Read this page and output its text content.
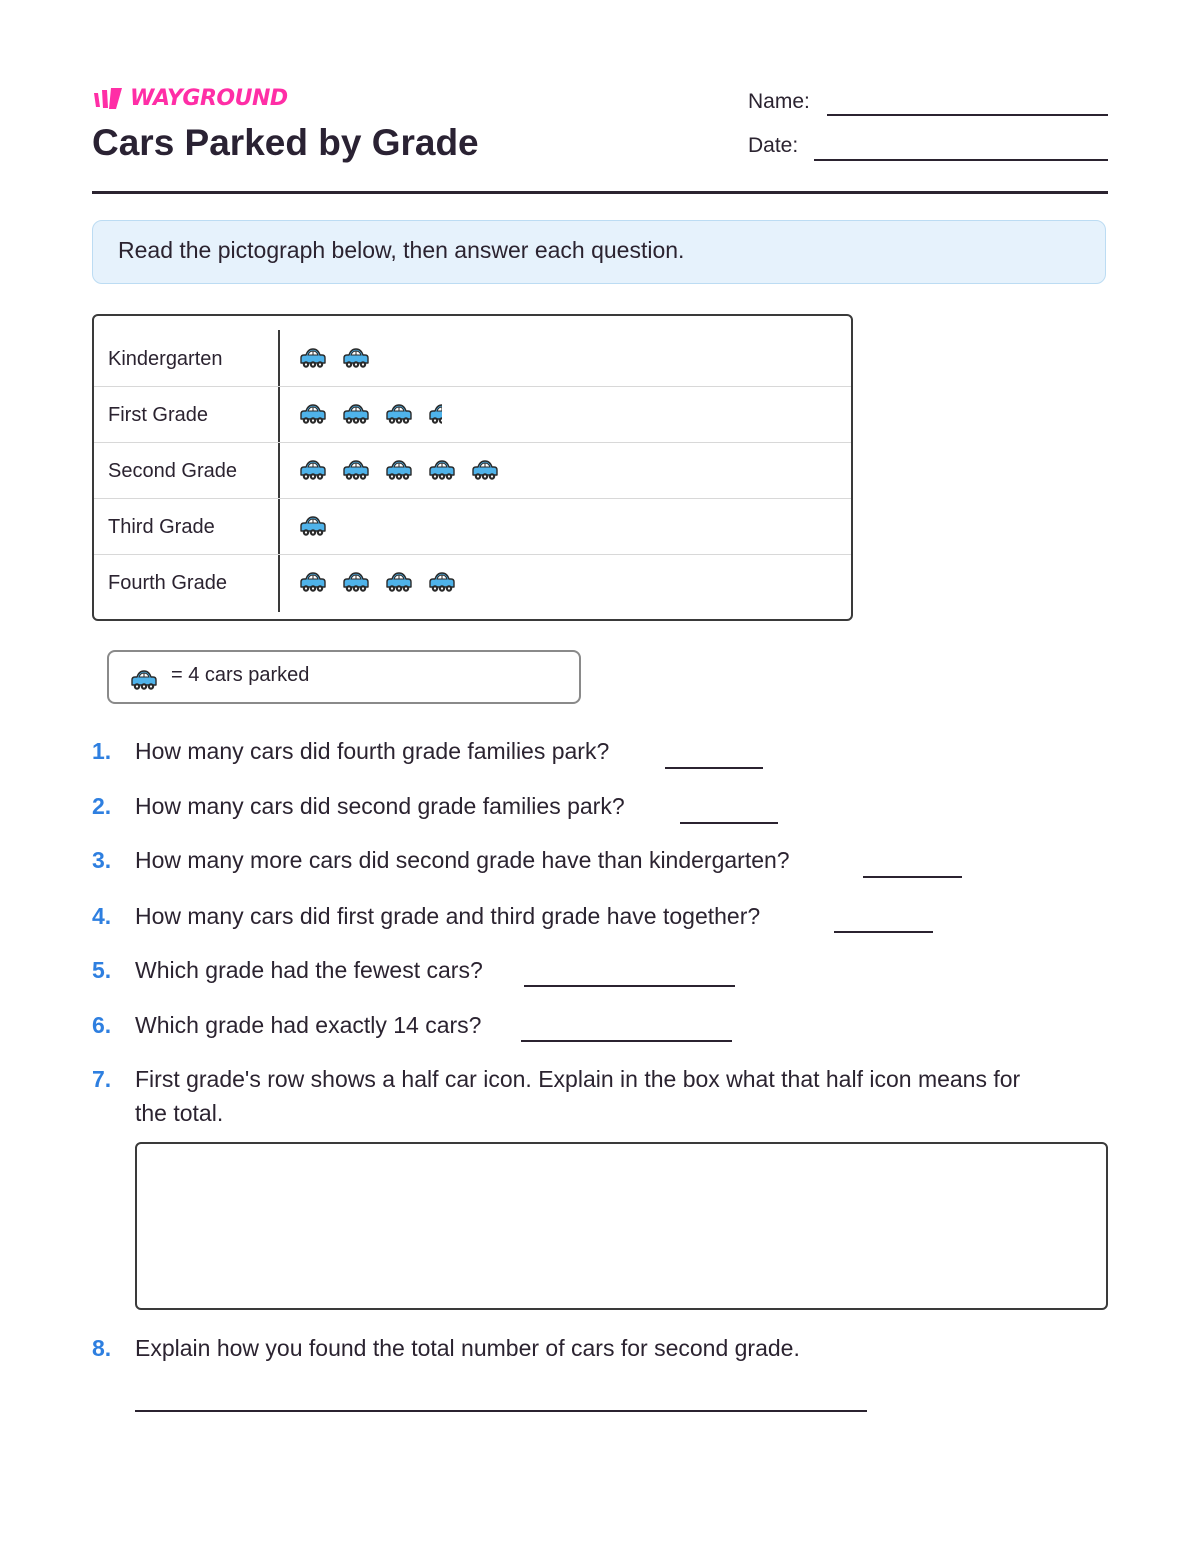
WAYGROUND
Cars Parked by Grade
Name:
Date:
Read the pictograph below, then answer each question.
Kindergarten
First Grade
Second Grade
Third Grade
Fourth Grade
= 4 cars parked
1. How many cars did fourth grade families park?
2. How many cars did second grade families park?
3. How many more cars did second grade have than kindergarten?
4. How many cars did first grade and third grade have together?
5. Which grade had the fewest cars?
6. Which grade had exactly 14 cars?
7. First grade's row shows a half car icon. Explain in the box what that half icon means for
the total.
8. Explain how you found the total number of cars for second grade.
